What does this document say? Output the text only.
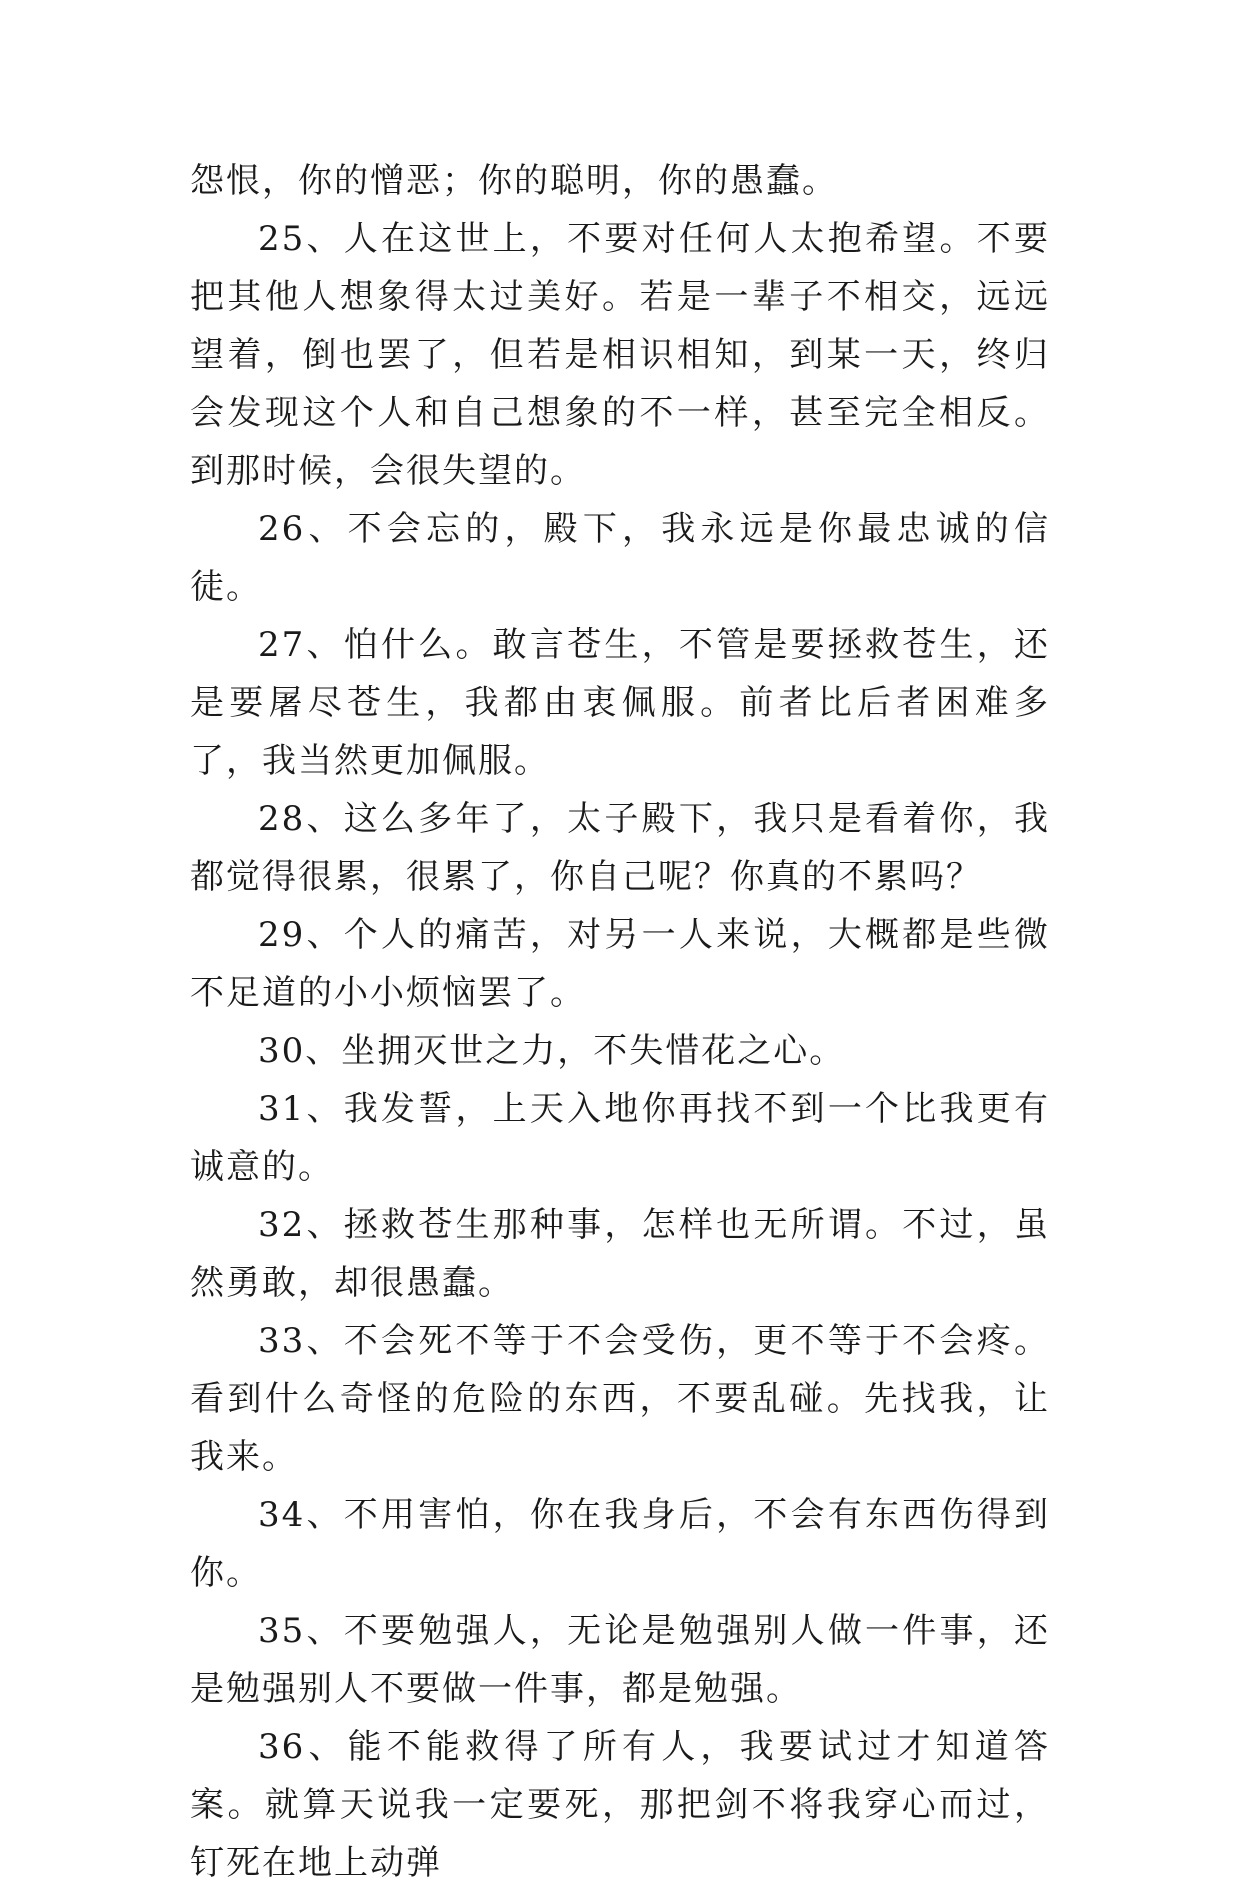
怨恨，你的憎恶；你的聪明，你的愚蠢。

25、人在这世上，不要对任何人太抱希望。不要把其他人想象得太过美好。若是一辈子不相交，远远望着，倒也罢了，但若是相识相知，到某一天，终归会发现这个人和自己想象的不一样，甚至完全相反。到那时候，会很失望的。

26、不会忘的，殿下，我永远是你最忠诚的信徒。

27、怕什么。敢言苍生，不管是要拯救苍生，还是要屠尽苍生，我都由衷佩服。前者比后者困难多了，我当然更加佩服。

28、这么多年了，太子殿下，我只是看着你，我都觉得很累，很累了，你自己呢？你真的不累吗？

29、个人的痛苦，对另一人来说，大概都是些微不足道的小小烦恼罢了。

30、坐拥灭世之力，不失惜花之心。

31、我发誓，上天入地你再找不到一个比我更有诚意的。

32、拯救苍生那种事，怎样也无所谓。不过，虽然勇敢，却很愚蠢。

33、不会死不等于不会受伤，更不等于不会疼。看到什么奇怪的危险的东西，不要乱碰。先找我，让我来。

34、不用害怕，你在我身后，不会有东西伤得到你。

35、不要勉强人，无论是勉强别人做一件事，还是勉强别人不要做一件事，都是勉强。

36、能不能救得了所有人，我要试过才知道答案。就算天说我一定要死，那把剑不将我穿心而过，钉死在地上动弹
